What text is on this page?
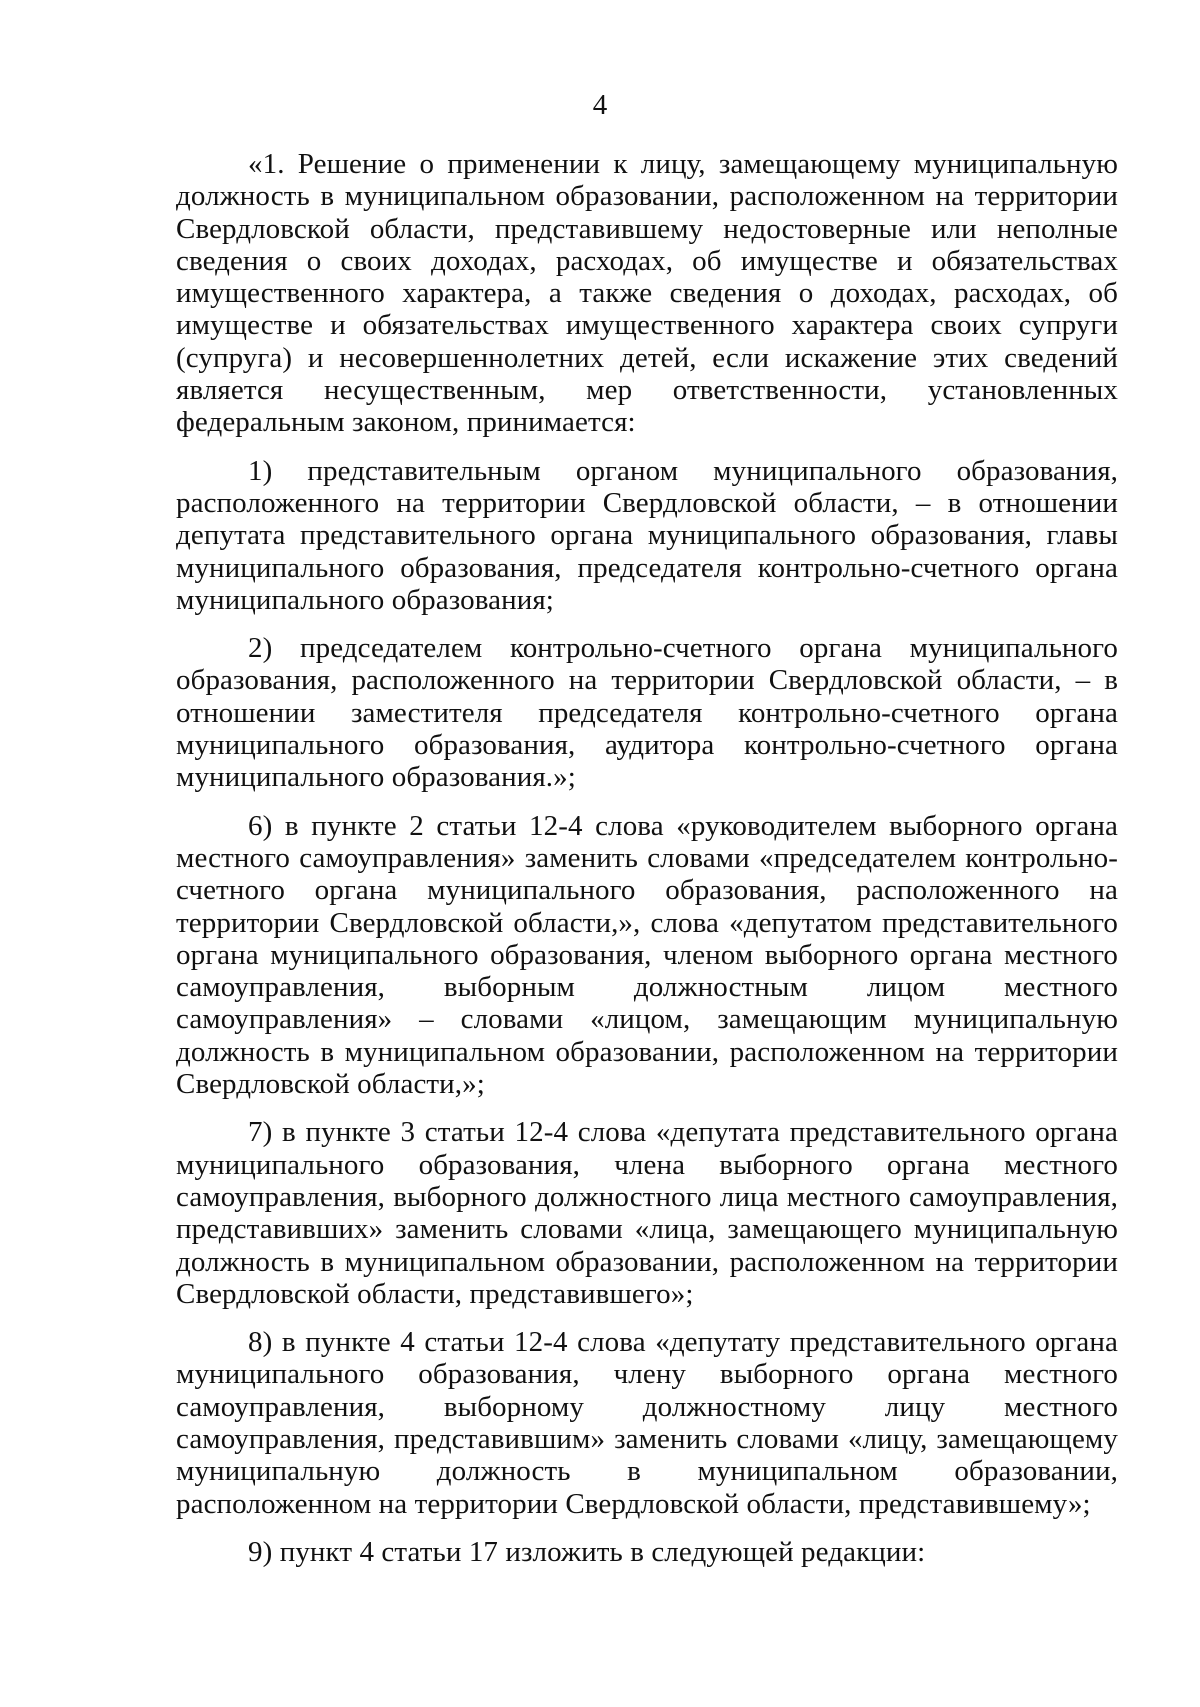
4

«1. Решение о применении к лицу, замещающему муниципальную должность в муниципальном образовании, расположенном на территории Свердловской области, представившему недостоверные или неполные сведения о своих доходах, расходах, об имуществе и обязательствах имущественного характера, а также сведения о доходах, расходах, об имуществе и обязательствах имущественного характера своих супруги (супруга) и несовершеннолетних детей, если искажение этих сведений является несущественным, мер ответственности, установленных федеральным законом, принимается:

1) представительным органом муниципального образования, расположенного на территории Свердловской области, – в отношении депутата представительного органа муниципального образования, главы муниципального образования, председателя контрольно-счетного органа муниципального образования;

2) председателем контрольно-счетного органа муниципального образования, расположенного на территории Свердловской области, – в отношении заместителя председателя контрольно-счетного органа муниципального образования, аудитора контрольно-счетного органа муниципального образования.»;

6) в пункте 2 статьи 12-4 слова «руководителем выборного органа местного самоуправления» заменить словами «председателем контрольно-счетного органа муниципального образования, расположенного на территории Свердловской области,», слова «депутатом представительного органа муниципального образования, членом выборного органа местного самоуправления, выборным должностным лицом местного самоуправления» – словами «лицом, замещающим муниципальную должность в муниципальном образовании, расположенном на территории Свердловской области,»;

7) в пункте 3 статьи 12-4 слова «депутата представительного органа муниципального образования, члена выборного органа местного самоуправления, выборного должностного лица местного самоуправления, представивших» заменить словами «лица, замещающего муниципальную должность в муниципальном образовании, расположенном на территории Свердловской области, представившего»;

8) в пункте 4 статьи 12-4 слова «депутату представительного органа муниципального образования, члену выборного органа местного самоуправления, выборному должностному лицу местного самоуправления, представившим» заменить словами «лицу, замещающему муниципальную должность в муниципальном образовании, расположенном на территории Свердловской области, представившему»;

9) пункт 4 статьи 17 изложить в следующей редакции:
